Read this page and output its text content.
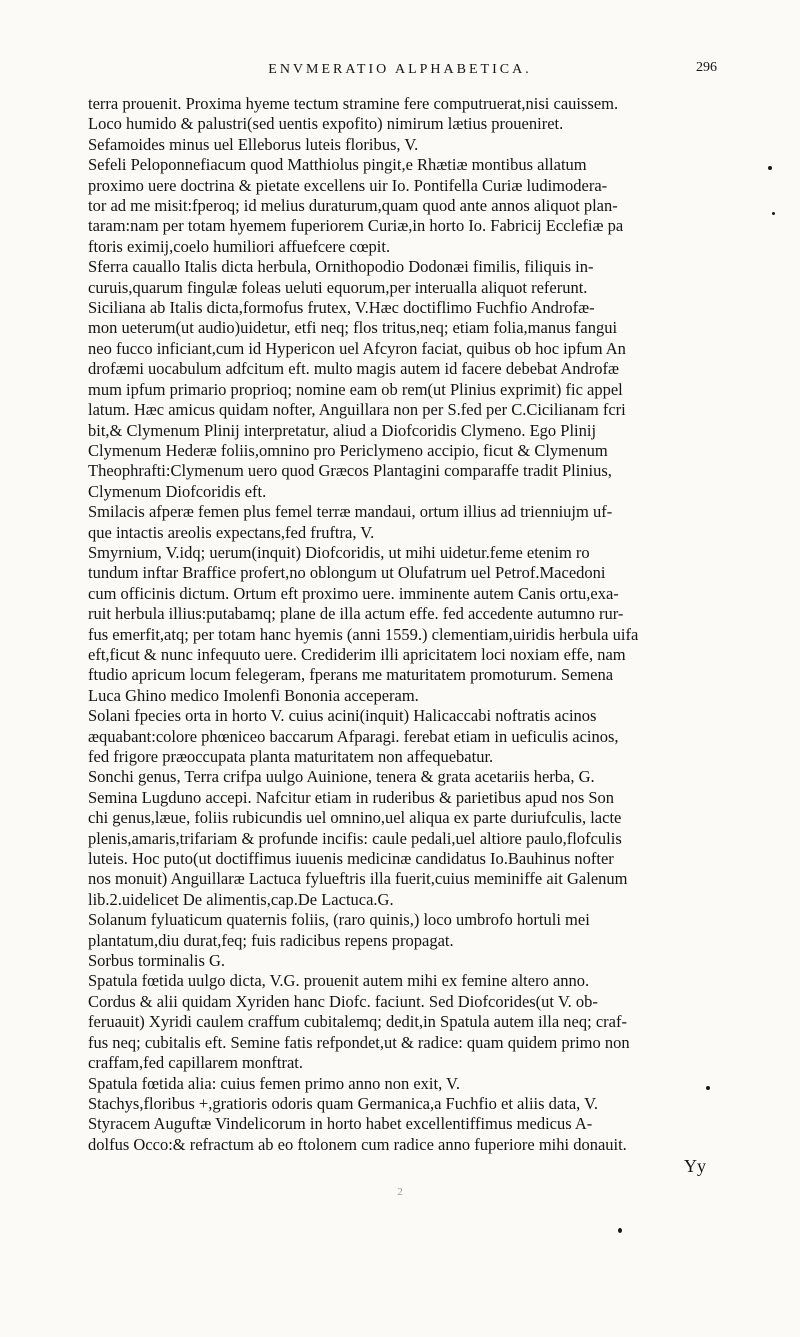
ENVMERATIO ALPHABETICA.	296
terra prouenit. Proxima hyeme tectum stramine fere computruerat,nisi cauissem.
Loco humido & palustri(sed uentis expofito) nimirum lætius proueniret.
Sefamoides minus uel Elleborus luteis floribus, V.
Sefeli Peloponnefiacum quod Matthiolus pingit,e Rhætiæ montibus allatum
proximo uere doctrina & pietate excellens uir Io. Pontifella Curiæ ludimodera-
tor ad me misit:fperoq; id melius duraturum,quam quod ante annos aliquot plan-
taram:nam per totam hyemem fuperiorem Curiæ,in horto Io. Fabricij Ecclefiæ pa
ftoris eximij,coelo humiliori affuefcere cœpit.
Sferra cauallo Italis dicta herbula, Ornithopodio Dodonæi fimilis, filiquis in-
curuis,quarum fingulæ foleas ueluti equorum,per interualla aliquot referunt.
Siciliana ab Italis dicta,formofus frutex, V.Hæc doctiflimo Fuchfio Androfæ-
mon ueterum(ut audio)uidetur, etfi neq; flos tritus,neq; etiam folia,manus fangui
neo fucco inficiant,cum id Hypericon uel Afcyron faciat, quibus ob hoc ipfum An
drofæmi uocabulum adfcitum eft. multo magis autem id facere debebat Androfæ
mum ipfum primario proprioq; nomine eam ob rem(ut Plinius exprimit) fic appel
latum. Hæc amicus quidam nofter, Anguillara non per S.fed per C.Cicilianam fcri
bit,& Clymenum Plinij interpretatur, aliud a Diofcoridis Clymeno. Ego Plinij
Clymenum Hederæ foliis,omnino pro Periclymeno accipio, ficut & Clymenum
Theophrafti:Clymenum uero quod Græcos Plantagini comparaffe tradit Plinius,
Clymenum Diofcoridis eft.
Smilacis afperæ femen plus femel terræ mandaui, ortum illius ad trienniujm uf-
que intactis areolis expectans,fed fruftra, V.
Smyrnium, V.idq; uerum(inquit) Diofcoridis, ut mihi uidetur.feme etenim ro
tundum inftar Braffice profert,no oblongum ut Olufatrum uel Petrof.Macedoni
cum officinis dictum. Ortum eft proximo uere. imminente autem Canis ortu,exa-
ruit herbula illius:putabamq; plane de illa actum effe. fed accedente autumno rur-
fus emerfit,atq; per totam hanc hyemis (anni 1559.) clementiam,uiridis herbula uifa
eft,ficut & nunc infequuto uere. Crediderim illi apricitatem loci noxiam effe, nam
ftudio apricum locum felegeram, fperans me maturitatem promoturum. Semena
Luca Ghino medico Imolenfi Bononia acceperam.
Solani fpecies orta in horto V. cuius acini(inquit) Halicaccabi noftratis acinos
æquabant:colore phœniceo baccarum Afparagi. ferebat etiam in ueficulis acinos,
fed frigore præoccupata planta maturitatem non affequebatur.
Sonchi genus, Terra crifpa uulgo Auinione, tenera & grata acetariis herba, G.
Semina Lugduno accepi. Nafcitur etiam in ruderibus & parietibus apud nos Son
chi genus,læue, foliis rubicundis uel omnino,uel aliqua ex parte duriufculis, lacte
plenis,amaris,trifariam & profunde incifis: caule pedali,uel altiore paulo,flofculis
luteis. Hoc puto(ut doctiffimus iuuenis medicinæ candidatus Io.Bauhinus nofter
nos monuit) Anguillaræ Lactuca fylueftris illa fuerit,cuius meminiffe ait Galenum
lib.2.uidelicet De alimentis,cap.De Lactuca.G.
Solanum fyluaticum quaternis foliis, (raro quinis,) loco umbrofo hortuli mei
plantatum,diu durat,feq; fuis radicibus repens propagat.
Sorbus torminalis G.
Spatula fœtida uulgo dicta, V.G. prouenit autem mihi ex femine altero anno.
Cordus & alii quidam Xyriden hanc Diofc. faciunt. Sed Diofcorides(ut V. ob-
feruauit) Xyridi caulem craffum cubitalemq; dedit,in Spatula autem illa neq; craf-
fus neq; cubitalis eft. Semine fatis refpondet,ut & radice: quam quidem primo non
craffam,fed capillarem monftrat.
Spatula fœtida alia: cuius femen primo anno non exit, V.
Stachys,floribus +,gratioris odoris quam Germanica,a Fuchfio et aliis data, V.
Styracem Auguftæ Vindelicorum in horto habet excellentiffimus medicus A-
dolfus Occo:& refractum ab eo ftolonem cum radice anno fuperiore mihi donauit.
Yy
2
